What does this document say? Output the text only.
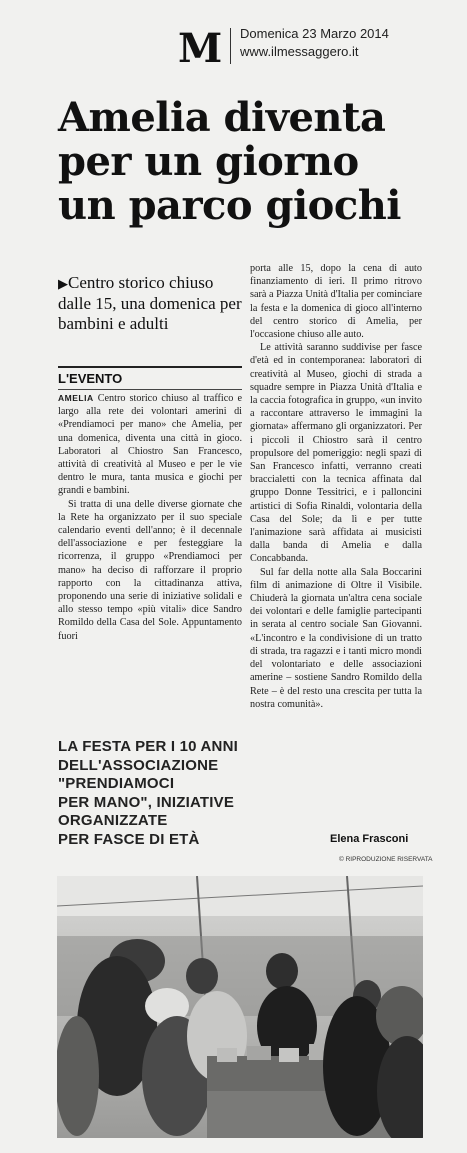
M Domenica 23 Marzo 2014
www.ilmessaggero.it
Amelia diventa
per un giorno
un parco giochi
▶Centro storico chiuso dalle 15, una domenica per bambini e adulti
L'EVENTO

AMELIA Centro storico chiuso al traffico e largo alla rete dei volontari amerini di «Prendiamoci per mano» che Amelia, per una domenica, diventa una città in gioco. Laboratori al Chiostro San Francesco, attività di creatività al Museo e per le vie dentro le mura, tanta musica e giochi per grandi e bambini.

Si tratta di una delle diverse giornate che la Rete ha organizzato per il suo speciale calendario eventi dell'anno; è il decennale dell'associazione e per festeggiare la ricorrenza, il gruppo «Prendiamoci per mano» ha deciso di rafforzare il proprio rapporto con la cittadinanza attiva, proponendo una serie di iniziative solidali e allo stesso tempo «più vitali» dice Sandro Romildo della Casa del Sole. Appuntamento fuori

porta alle 15, dopo la cena di auto finanziamento di ieri. Il primo ritrovo sarà a Piazza Unità d'Italia per cominciare la festa e la domenica di gioco all'interno del centro storico di Amelia, per l'occasione chiuso alle auto.

Le attività saranno suddivise per fasce d'età ed in contemporanea: laboratori di creatività al Museo, giochi di strada a squadre sempre in Piazza Unità d'Italia e la caccia fotografica in gruppo, «un invito a raccontare attraverso le immagini la giornata» affermano gli organizzatori. Per i piccoli il Chiostro sarà il centro propulsore del pomeriggio: negli spazi di San Francesco infatti, verranno creati braccialetti con la tecnica affinata dal gruppo Donne Tessitrici, e i palloncini artistici di Sofia Rinaldi, volontaria della Casa del Sole; da lì e per tutte l'animazione sarà affidata ai musicisti dalla banda di Amelia e dalla Concabbanda.

Sul far della notte alla Sala Boccarini film di animazione di Oltre il Visibile. Chiuderà la giornata un'altra cena sociale dei volontari e delle famiglie partecipanti in serata al centro sociale San Giovanni. «L'incontro e la condivisione di un tratto di strada, tra ragazzi e i tanti micro mondi del volontariato e delle associazioni amerine – sostiene Sandro Romildo della Rete – è del resto una crescita per tutta la nostra comunità».

LA FESTA PER I 10 ANNI
DELL'ASSOCIAZIONE
"PRENDIAMOCI
PER MANO", INIZIATIVE
ORGANIZZATE
PER FASCE DI ETÀ	Elena Frasconi
© RIPRODUZIONE RISERVATA
